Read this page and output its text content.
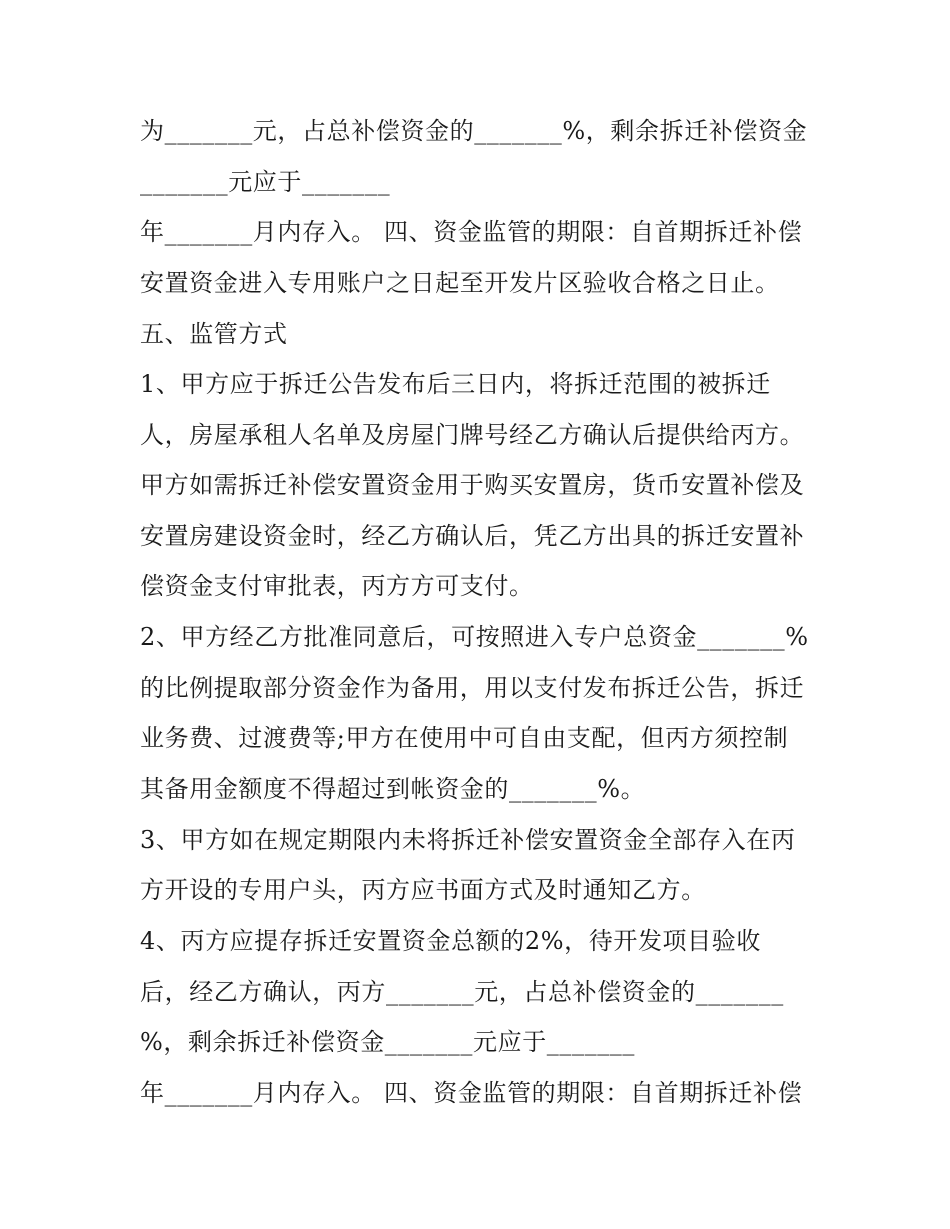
为_______元，占总补偿资金的_______%，剩余拆迁补偿资金
_______元应于_______
年_______月内存入。 四、资金监管的期限：自首期拆迁补偿
安置资金进入专用账户之日起至开发片区验收合格之日止。
五、监管方式
1、甲方应于拆迁公告发布后三日内，将拆迁范围的被拆迁
人，房屋承租人名单及房屋门牌号经乙方确认后提供给丙方。
甲方如需拆迁补偿安置资金用于购买安置房，货币安置补偿及
安置房建设资金时，经乙方确认后，凭乙方出具的拆迁安置补
偿资金支付审批表，丙方方可支付。
2、甲方经乙方批准同意后，可按照进入专户总资金_______%
的比例提取部分资金作为备用，用以支付发布拆迁公告，拆迁
业务费、过渡费等;甲方在使用中可自由支配，但丙方须控制
其备用金额度不得超过到帐资金的_______%。
3、甲方如在规定期限内未将拆迁补偿安置资金全部存入在丙
方开设的专用户头，丙方应书面方式及时通知乙方。
4、丙方应提存拆迁安置资金总额的2%，待开发项目验收
后，经乙方确认，丙方_______元，占总补偿资金的_______
%，剩余拆迁补偿资金_______元应于_______
年_______月内存入。 四、资金监管的期限：自首期拆迁补偿
